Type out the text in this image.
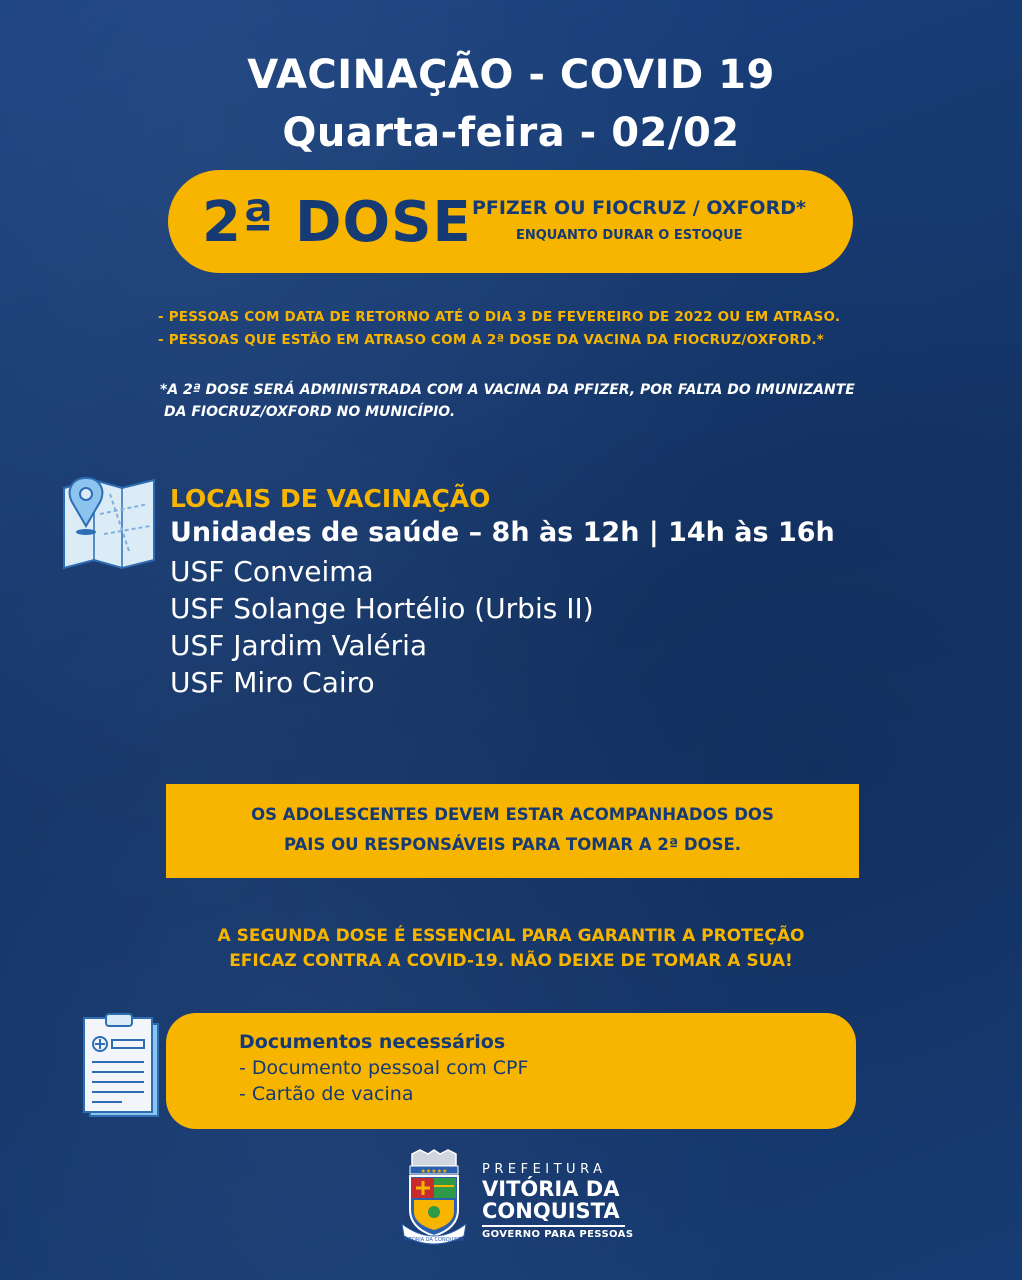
VACINAÇÃO - COVID 19
Quarta-feira - 02/02
2ª DOSE PFIZER OU FIOCRUZ / OXFORD*
ENQUANTO DURAR O ESTOQUE
- PESSOAS COM DATA DE RETORNO ATÉ O DIA 3 DE FEVEREIRO DE 2022 OU EM ATRASO.
- PESSOAS QUE ESTÃO EM ATRASO COM A 2ª DOSE DA VACINA DA FIOCRUZ/OXFORD.*
*A 2ª DOSE SERÁ ADMINISTRADA COM A VACINA DA PFIZER, POR FALTA DO IMUNIZANTE
DA FIOCRUZ/OXFORD NO MUNICÍPIO.
LOCAIS DE VACINAÇÃO
Unidades de saúde – 8h às 12h | 14h às 16h
USF Conveima
USF Solange Hortélio (Urbis II)
USF Jardim Valéria
USF Miro Cairo
OS ADOLESCENTES DEVEM ESTAR ACOMPANHADOS DOS
PAIS OU RESPONSÁVEIS PARA TOMAR A 2ª DOSE.
A SEGUNDA DOSE É ESSENCIAL PARA GARANTIR A PROTEÇÃO
EFICAZ CONTRA A COVID-19. NÃO DEIXE DE TOMAR A SUA!
Documentos necessários
- Documento pessoal com CPF
- Cartão de vacina
★★★★★
VITÓRIA DA CONQUISTA
PREFEITURA
VITÓRIA DA
CONQUISTA
GOVERNO PARA PESSOAS
